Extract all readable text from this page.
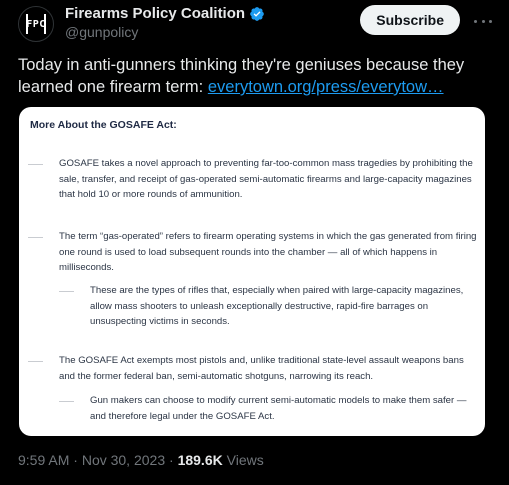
FPC
Firearms Policy Coalition
@gunpolicy
Subscribe
Today in anti-gunners thinking they're geniuses because they learned one firearm term: everytown.org/press/everytow…
More About the GOSAFE Act:
GOSAFE takes a novel approach to preventing far-too-common mass tragedies by prohibiting the sale, transfer, and receipt of gas-operated semi-automatic firearms and large-capacity magazines that hold 10 or more rounds of ammunition.
The term “gas-operated” refers to firearm operating systems in which the gas generated from firing one round is used to load subsequent rounds into the chamber — all of which happens in milliseconds.
These are the types of rifles that, especially when paired with large-capacity magazines, allow mass shooters to unleash exceptionally destructive, rapid-fire barrages on unsuspecting victims in seconds.
The GOSAFE Act exempts most pistols and, unlike traditional state-level assault weapons bans and the former federal ban, semi-automatic shotguns, narrowing its reach.
Gun makers can choose to modify current semi-automatic models to make them safer — and therefore legal under the GOSAFE Act.
9:59 AM · Nov 30, 2023 · 189.6K Views
